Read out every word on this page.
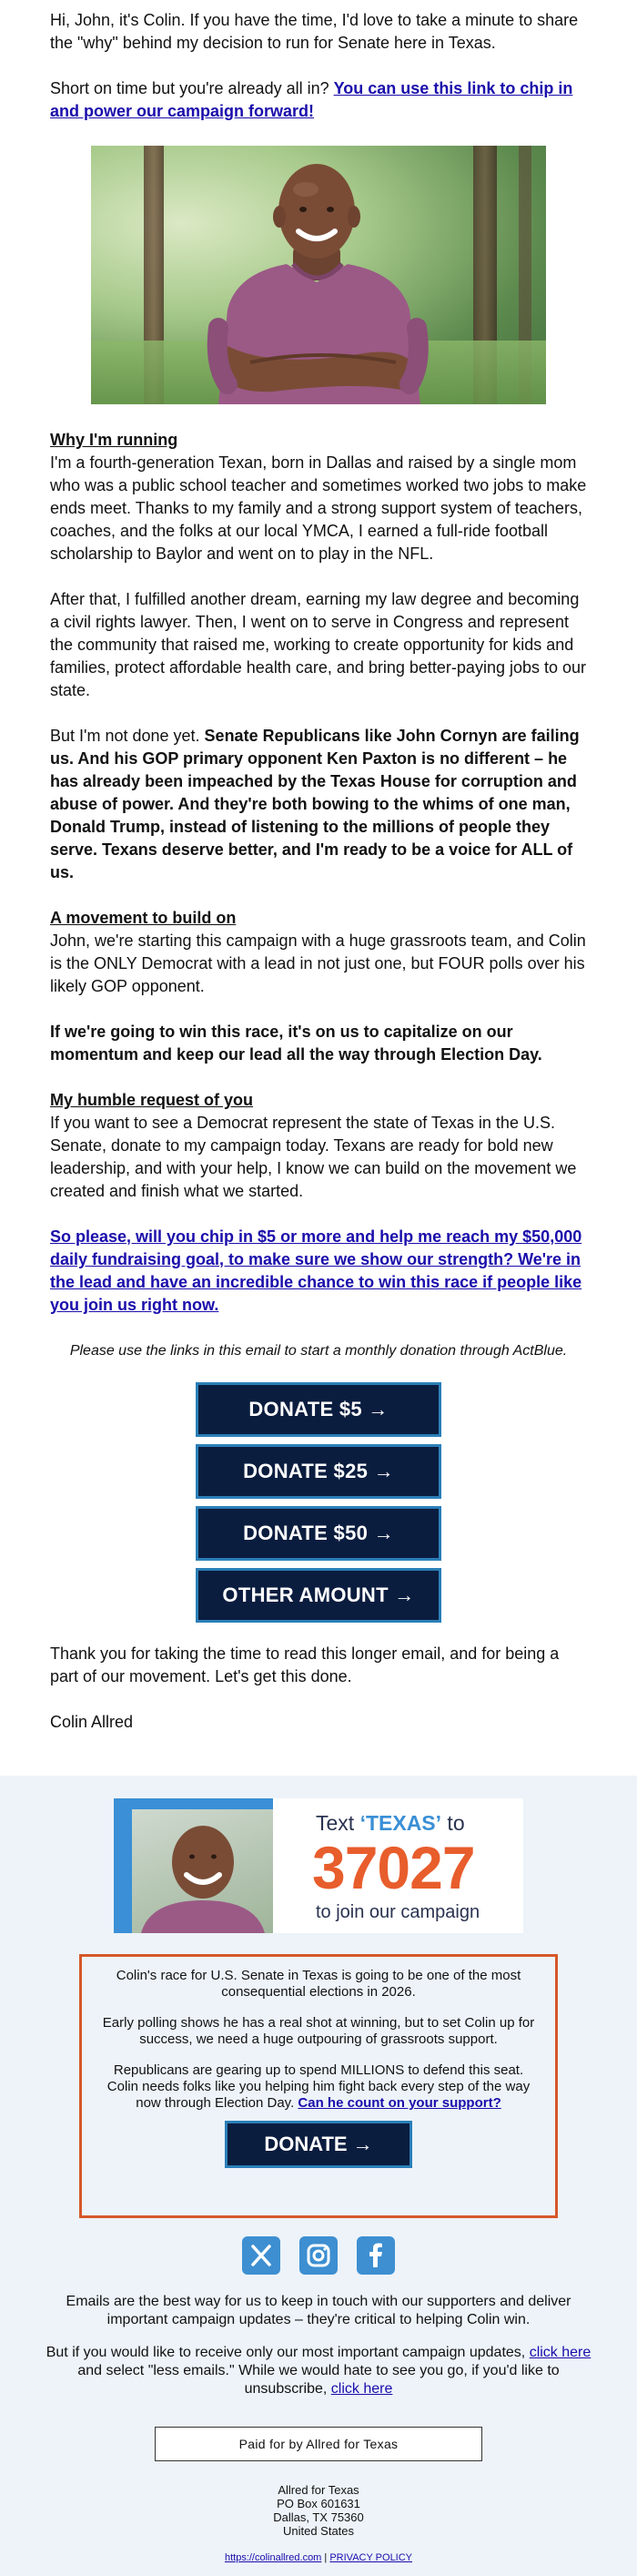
Hi, John, it's Colin. If you have the time, I'd love to take a minute to share the "why" behind my decision to run for Senate here in Texas.

Short on time but you're already all in? You can use this link to chip in and power our campaign forward!

Why I'm running
I'm a fourth-generation Texan, born in Dallas and raised by a single mom who was a public school teacher and sometimes worked two jobs to make ends meet. Thanks to my family and a strong support system of teachers, coaches, and the folks at our local YMCA, I earned a full-ride football scholarship to Baylor and went on to play in the NFL.

After that, I fulfilled another dream, earning my law degree and becoming a civil rights lawyer. Then, I went on to serve in Congress and represent the community that raised me, working to create opportunity for kids and families, protect affordable health care, and bring better-paying jobs to our state.

But I'm not done yet. Senate Republicans like John Cornyn are failing us. And his GOP primary opponent Ken Paxton is no different – he has already been impeached by the Texas House for corruption and abuse of power. And they're both bowing to the whims of one man, Donald Trump, instead of listening to the millions of people they serve. Texans deserve better, and I'm ready to be a voice for ALL of us.

A movement to build on
John, we're starting this campaign with a huge grassroots team, and Colin is the ONLY Democrat with a lead in not just one, but FOUR polls over his likely GOP opponent.

If we're going to win this race, it's on us to capitalize on our momentum and keep our lead all the way through Election Day.

My humble request of you
If you want to see a Democrat represent the state of Texas in the U.S. Senate, donate to my campaign today. Texans are ready for bold new leadership, and with your help, I know we can build on the movement we created and finish what we started.

So please, will you chip in $5 or more and help me reach my $50,000 daily fundraising goal, to make sure we show our strength? We're in the lead and have an incredible chance to win this race if people like you join us right now.

Please use the links in this email to start a monthly donation through ActBlue.
DONATE $5 →
DONATE $25 →
DONATE $50 →
OTHER AMOUNT →

Thank you for taking the time to read this longer email, and for being a part of our movement. Let's get this done.

Colin Allred

Text ‘TEXAS’ to
37027
to join our campaign

Colin's race for U.S. Senate in Texas is going to be one of the most consequential elections in 2026.

Early polling shows he has a real shot at winning, but to set Colin up for success, we need a huge outpouring of grassroots support.

Republicans are gearing up to spend MILLIONS to defend this seat. Colin needs folks like you helping him fight back every step of the way now through Election Day. Can he count on your support?

DONATE →
Emails are the best way for us to keep in touch with our supporters and deliver important campaign updates – they're critical to helping Colin win.
But if you would like to receive only our most important campaign updates, click here and select "less emails." While we would hate to see you go, if you'd like to unsubscribe, click here
Paid for by Allred for Texas
Allred for Texas
PO Box 601631
Dallas, TX 75360
United States
https://colinallred.com | PRIVACY POLICY
